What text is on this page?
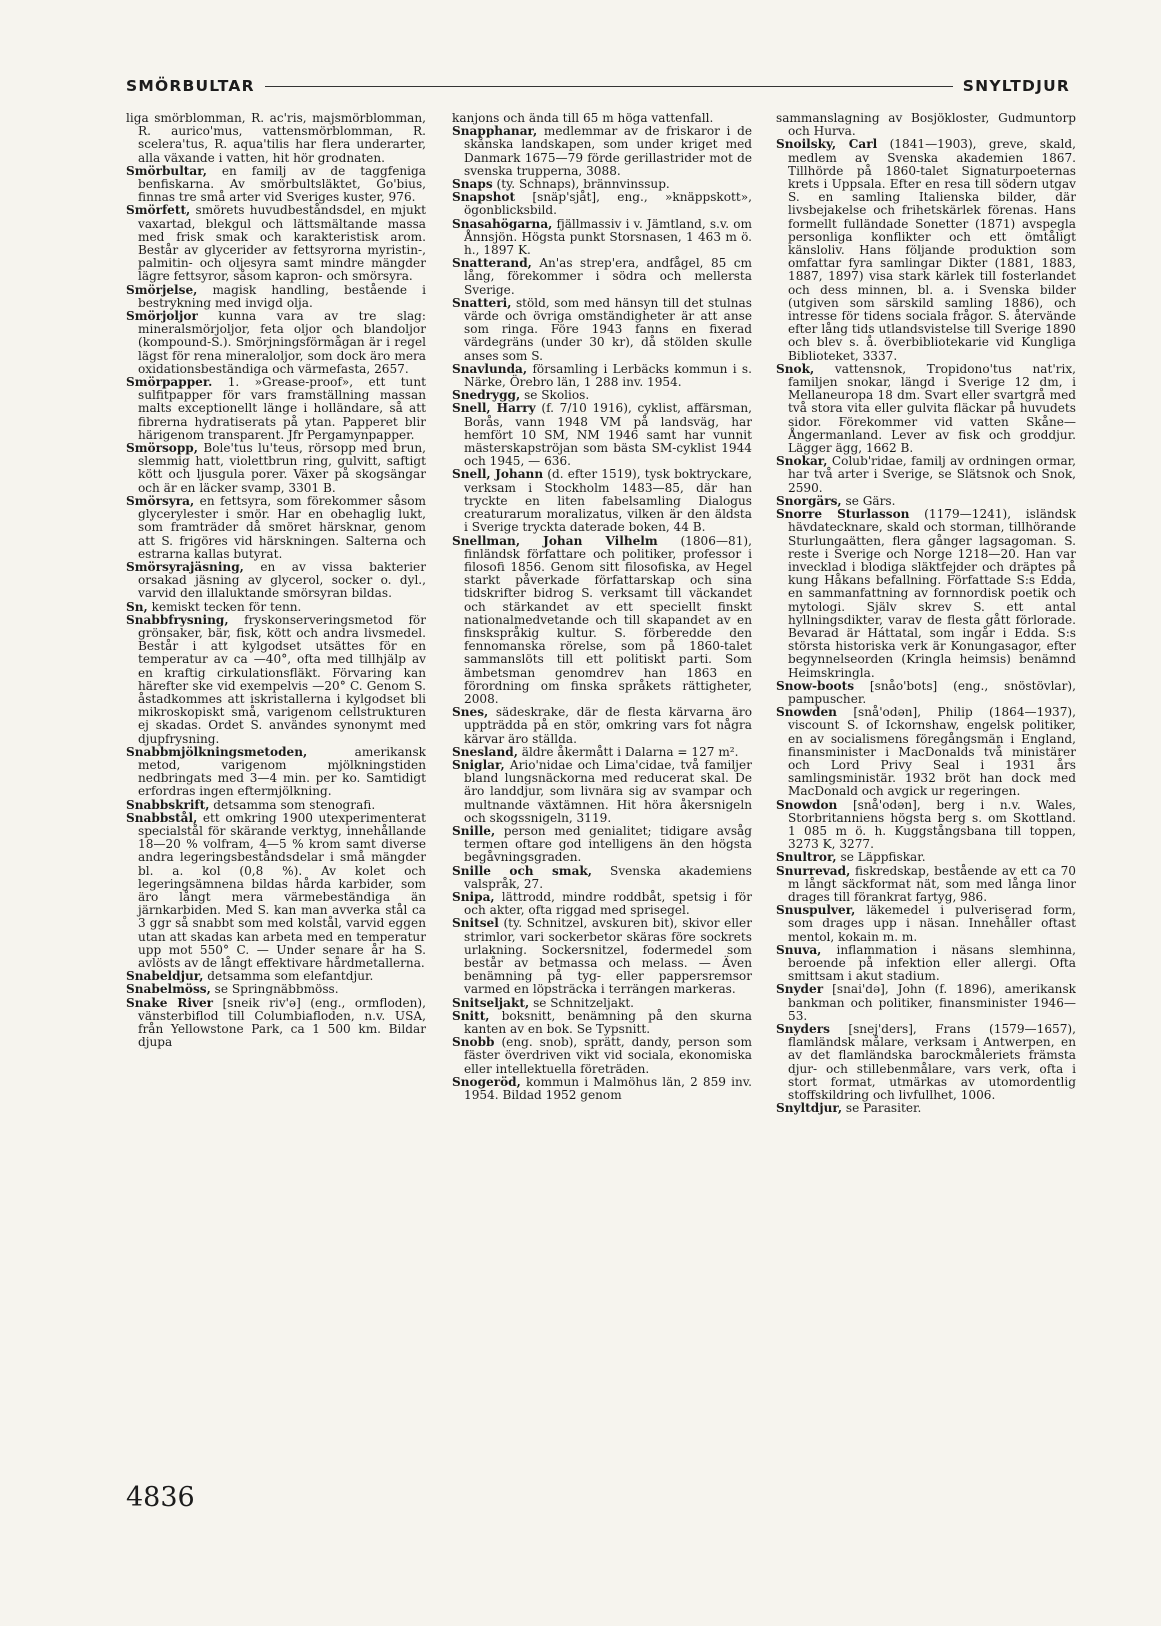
SMÖRBULTAR	SNYLTDJUR

liga smörblomman, R. ac'ris, majsmörblomman, R. aurico'mus, vattensmörblomman, R. scelera'tus, R. aqua'tilis har flera underarter, alla växande i vatten, hit hör grodnaten.

Smörbultar, en familj av de taggfeniga benfiskarna. Av smörbultsläktet, Go'bius, finnas tre små arter vid Sveriges kuster, 976.

Smörfett, smörets huvudbeståndsdel, en mjukt vaxartad, blekgul och lättsmältande massa med frisk smak och karakteristisk arom. Består av glycerider av fettsyrorna myristin-, palmitin- och oljesyra samt mindre mängder lägre fettsyror, såsom kapron- och smörsyra.

Smörjelse, magisk handling, bestående i bestrykning med invigd olja.

Smörjoljor kunna vara av tre slag: mineralsmörjoljor, feta oljor och blandoljor (kompound-S.). Smörjningsförmågan är i regel lägst för rena mineraloljor, som dock äro mera oxidationsbeständiga och värmefasta, 2657.

Smörpapper. 1. »Grease-proof», ett tunt sulfitpapper för vars framställning massan malts exceptionellt länge i holländare, så att fibrerna hydratiserats på ytan. Papperet blir härigenom transparent. Jfr Pergamynpapper.

Smörsopp, Bole'tus lu'teus, rörsopp med brun, slemmig hatt, violettbrun ring, gulvitt, saftigt kött och ljusgula porer. Växer på skogsängar och är en läcker svamp, 3301 B.

Smörsyra, en fettsyra, som förekommer såsom glycerylester i smör. Har en obehaglig lukt, som framträder då smöret härsknar, genom att S. frigöres vid härskningen. Salterna och estrarna kallas butyrat.

Smörsyrajäsning, en av vissa bakterier orsakad jäsning av glycerol, socker o. dyl., varvid den illaluktande smörsyran bildas.

Sn, kemiskt tecken för tenn.

Snabbfrysning, fryskonserveringsmetod för grönsaker, bär, fisk, kött och andra livsmedel. Består i att kylgodset utsättes för en temperatur av ca —40°, ofta med tillhjälp av en kraftig cirkulationsfläkt. Förvaring kan härefter ske vid exempelvis —20° C. Genom S. åstadkommes att iskristallerna i kylgodset bli mikroskopiskt små, varigenom cellstrukturen ej skadas. Ordet S. användes synonymt med djupfrysning.

Snabbmjölkningsmetoden,	amerikansk metod, varigenom mjölkningstiden nedbringats med 3—4 min. per ko. Samtidigt erfordras ingen eftermjölkning.

Snabbskrift, detsamma som stenografi.

Snabbstål, ett omkring 1900 utexperimenterat specialstål för skärande verktyg, innehållande 18—20 % volfram, 4—5 % krom samt diverse andra legeringsbeståndsdelar i små mängder bl. a. kol (0,8 %). Av kolet och legeringsämnena bildas hårda karbider, som äro långt mera värmebeständiga än järnkarbiden. Med S. kan man avverka stål ca 3 ggr så snabbt som med kolstål, varvid eggen utan att skadas kan arbeta med en temperatur upp mot 550° C. — Under senare år ha S. avlösts av de långt effektivare hårdmetallerna.

Snabeldjur, detsamma som elefantdjur.

Snabelmöss, se Springnäbbmöss.

Snake River [sneik riv'ə] (eng., ormfloden), vänsterbiflod till Columbiafloden, n.v. USA, från Yellowstone Park, ca 1 500 km. Bildar djupa

kanjons och ända till 65 m höga vattenfall.

Snapphanar, medlemmar av de friskaror i de skånska landskapen, som under kriget med Danmark 1675—79 förde gerillastrider mot de svenska trupperna, 3088.

Snaps (ty. Schnaps), brännvinssup.

Snapshot [snäp'sjåt], eng., »knäppskott», ögonblicksbild.

Snasahögarna, fjällmassiv i v. Jämtland, s.v. om Ånnsjön. Högsta punkt Storsnasen, 1 463 m ö. h., 1897 K.

Snatterand, An'as strep'era, andfågel, 85 cm lång, förekommer i södra och mellersta Sverige.

Snatteri, stöld, som med hänsyn till det stulnas värde och övriga omständigheter är att anse som ringa. Före 1943 fanns en fixerad värdegräns (under 30 kr), då stölden skulle anses som S.

Snavlunda, församling i Lerbäcks kommun i s. Närke, Örebro län, 1 288 inv. 1954.

Snedrygg, se Skolios.

Snell, Harry (f. 7/10 1916), cyklist, affärsman, Borås, vann 1948 VM på landsväg, har hemfört 10 SM, NM 1946 samt har vunnit mästerskapströjan som bästa SM-cyklist 1944 och 1945, — 636.

Snell, Johann (d. efter 1519), tysk boktryckare, verksam i Stockholm 1483—85, där han tryckte en liten fabelsamling Dialogus creaturarum moralizatus, vilken är den äldsta i Sverige tryckta daterade boken, 44 B.

Snellman, Johan Vilhelm (1806—81), finländsk författare och politiker, professor i filosofi 1856. Genom sitt filosofiska, av Hegel starkt påverkade författarskap och sina tidskrifter bidrog S. verksamt till väckandet och stärkandet av ett speciellt finskt nationalmedvetande och till skapandet av en finskspråkig kultur. S. förberedde den fennomanska rörelse, som på 1860-talet sammanslöts till ett politiskt parti. Som ämbetsman genomdrev han 1863 en förordning om finska språkets rättigheter, 2008.

Snes, sädeskrake, där de flesta kärvarna äro uppträdda på en stör, omkring vars fot några kärvar äro ställda.

Snesland, äldre åkermått i Dalarna = 127 m².

Sniglar, Ario'nidae och Lima'cidae, två familjer bland lungsnäckorna med reducerat skal. De äro landdjur, som livnära sig av svampar och multnande växtämnen. Hit höra åkersnigeln och skogssnigeln, 3119.

Snille, person med genialitet; tidigare avsåg termen oftare god intelligens än den högsta begåvningsgraden.

Snille och smak, Svenska akademiens valspråk, 27.

Snipa, lättrodd, mindre roddbåt, spetsig i för och akter, ofta riggad med sprisegel.

Snitsel (ty. Schnitzel, avskuren bit), skivor eller strimlor, vari sockerbetor skäras före sockrets urlakning. Sockersnitzel, fodermedel som består av betmassa och melass. — Även benämning på tyg- eller pappersremsor varmed en löpsträcka i terrängen markeras.

Snitseljakt, se Schnitzeljakt.

Snitt, boksnitt, benämning på den skurna kanten av en bok. Se Typsnitt.

Snobb (eng. snob), sprätt, dandy, person som fäster överdriven vikt vid sociala, ekonomiska eller intellektuella företräden.

Snogeröd, kommun i Malmöhus län, 2 859 inv. 1954. Bildad 1952 genom

sammanslagning av Bosjökloster, Gudmuntorp och Hurva.

Snoilsky, Carl (1841—1903), greve, skald, medlem av Svenska akademien 1867. Tillhörde på 1860-talet Signaturpoeternas krets i Uppsala. Efter en resa till södern utgav S. en samling Italienska bilder, där livsbejakelse och frihetskärlek förenas. Hans formellt fulländade Sonetter (1871) avspegla personliga konflikter och ett ömtåligt känsloliv. Hans följande produktion som omfattar fyra samlingar Dikter (1881, 1883, 1887, 1897) visa stark kärlek till fosterlandet och dess minnen, bl. a. i Svenska bilder (utgiven som särskild samling 1886), och intresse för tidens sociala frågor. S. återvände efter lång tids utlandsvistelse till Sverige 1890 och blev s. å. överbibliotekarie vid Kungliga Biblioteket, 3337.

Snok, vattensnok, Tropidono'tus nat'rix, familjen snokar, längd i Sverige 12 dm, i Mellaneuropa 18 dm. Svart eller svartgrå med två stora vita eller gulvita fläckar på huvudets sidor. Förekommer vid vatten Skåne—Ångermanland. Lever av fisk och groddjur. Lägger ägg, 1662 B.

Snokar, Colub'ridae, familj av ordningen ormar, har två arter i Sverige, se Slätsnok och Snok, 2590.

Snorgärs, se Gärs.

Snorre Sturlasson (1179—1241), isländsk hävdatecknare, skald och storman, tillhörande Sturlungaätten, flera gånger lagsagoman. S. reste i Sverige och Norge 1218—20. Han var invecklad i blodiga släktfejder och dräptes på kung Håkans befallning. Författade S:s Edda, en sammanfattning av fornnordisk poetik och mytologi. Själv skrev S. ett antal hyllningsdikter, varav de flesta gått förlorade. Bevarad är Háttatal, som ingår i Edda. S:s största historiska verk är Konungasagor, efter begynnelseorden (Kringla heimsis) benämnd Heimskringla.

Snow-boots [snåo'bots] (eng., snöstövlar), pampuscher.

Snowden [snå'odən], Philip (1864—1937), viscount S. of Ickornshaw, engelsk politiker, en av socialismens föregångsmän i England, finansminister i MacDonalds två ministärer och Lord Privy Seal i 1931 års samlingsministär. 1932 bröt han dock med MacDonald och avgick ur regeringen.

Snowdon [snå'odən], berg i n.v. Wales, Storbritanniens högsta berg s. om Skottland. 1 085 m ö. h. Kuggstångsbana till toppen, 3273 K, 3277.

Snultror, se Läppfiskar.

Snurrevad, fiskredskap, bestående av ett ca 70 m långt säckformat nät, som med långa linor drages till förankrat fartyg, 986.

Snuspulver, läkemedel i pulveriserad form, som drages upp i näsan. Innehåller oftast mentol, kokain m. m.

Snuva, inflammation i näsans slemhinna, beroende på infektion eller allergi. Ofta smittsam i akut stadium.

Snyder [snai'də], John (f. 1896), amerikansk bankman och politiker, finansminister 1946—53.

Snyders [snej'ders], Frans (1579—1657), flamländsk målare, verksam i Antwerpen, en av det flamländska barockmåleriets främsta djur- och stillebenmålare, vars verk, ofta i stort format, utmärkas av utomordentlig stoffskildring och livfullhet, 1006.

Snyltdjur, se Parasiter.

4836
